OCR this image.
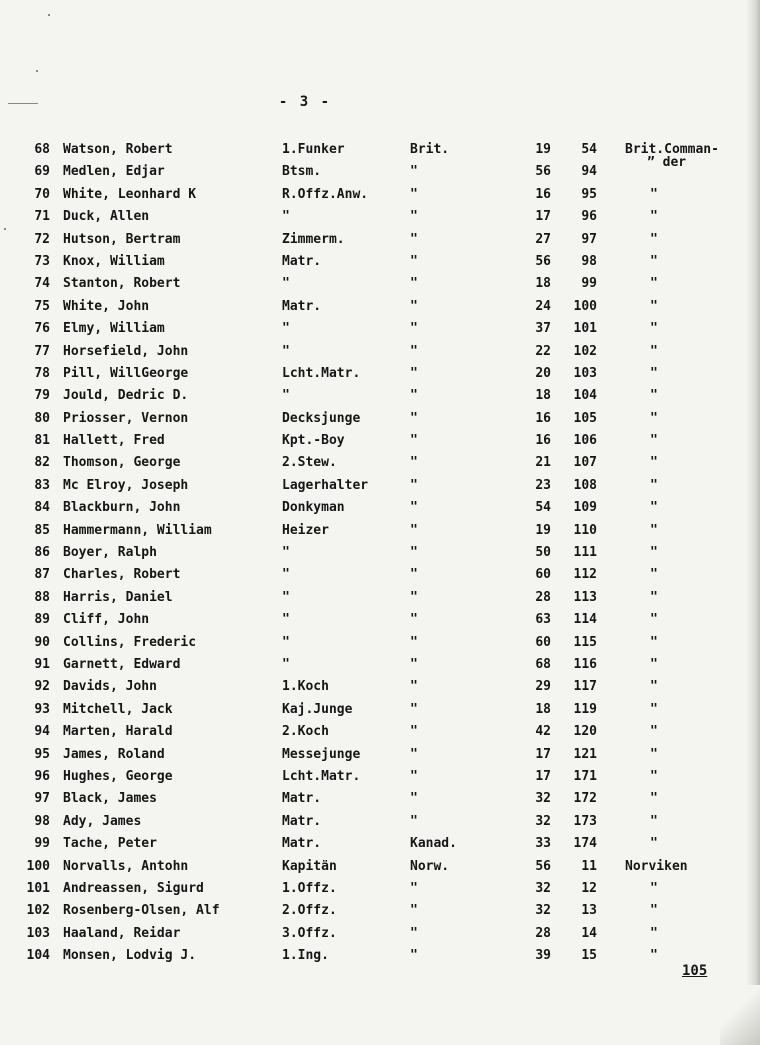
- 3 -
68 Watson, Robert	1.Funker	Brit.	19	54 Brit.Comman-
69 Medlen, Edjar	Btsm.	"	56	94
70 White, Leonhard K	R.Offz.Anw.	"	16	95	"
71 Duck, Allen	"	"	17	96	"
72 Hutson, Bertram	Zimmerm.	"	27	97	"
73 Knox, William	Matr.	"	56	98	"
74 Stanton, Robert	"	"	18	99	"
75 White, John	Matr.	"	24	100	"
76 Elmy, William	"	"	37	101	"
77 Horsefield, John	"	"	22	102	"
78 Pill, WillGeorge	Lcht.Matr.	"	20	103	"
79 Jould, Dedric D.	"	"	18	104	"
80 Priosser, Vernon	Decksjunge	"	16	105	"
81 Hallett, Fred	Kpt.-Boy	"	16	106	"
82 Thomson, George	2.Stew.	"	21	107	"
83 Mc Elroy, Joseph	Lagerhalter	"	23	108	"
84 Blackburn, John	Donkyman	"	54	109	"
85 Hammermann, William	Heizer	"	19	110	"
86 Boyer, Ralph	"	"	50	111	"
87 Charles, Robert	"	"	60	112	"
88 Harris, Daniel	"	"	28	113	"
89 Cliff, John	"	"	63	114	"
90 Collins, Frederic	"	"	60	115	"
91 Garnett, Edward	"	"	68	116	"
92 Davids, John	1.Koch	"	29	117	"
93 Mitchell, Jack	Kaj.Junge	"	18	119	"
94 Marten, Harald	2.Koch	"	42	120	"
95 James, Roland	Messejunge	"	17	121	"
96 Hughes, George	Lcht.Matr.	"	17	171	"
97 Black, James	Matr.	"	32	172	"
98 Ady, James	Matr.	"	32	173	"
99 Tache, Peter	Matr.	Kanad.	33	174	"
100 Norvalls, Antohn	Kapitän	Norw.	56	11 Norviken
101 Andreassen, Sigurd	1.Offz.	"	32	12	"
102 Rosenberg-Olsen, Alf	2.Offz.	"	32	13	"
103 Haaland, Reidar	3.Offz.	"	28	14	"
104 Monsen, Lodvig J.	1.Ing.	"	39	15	"
” der
105
